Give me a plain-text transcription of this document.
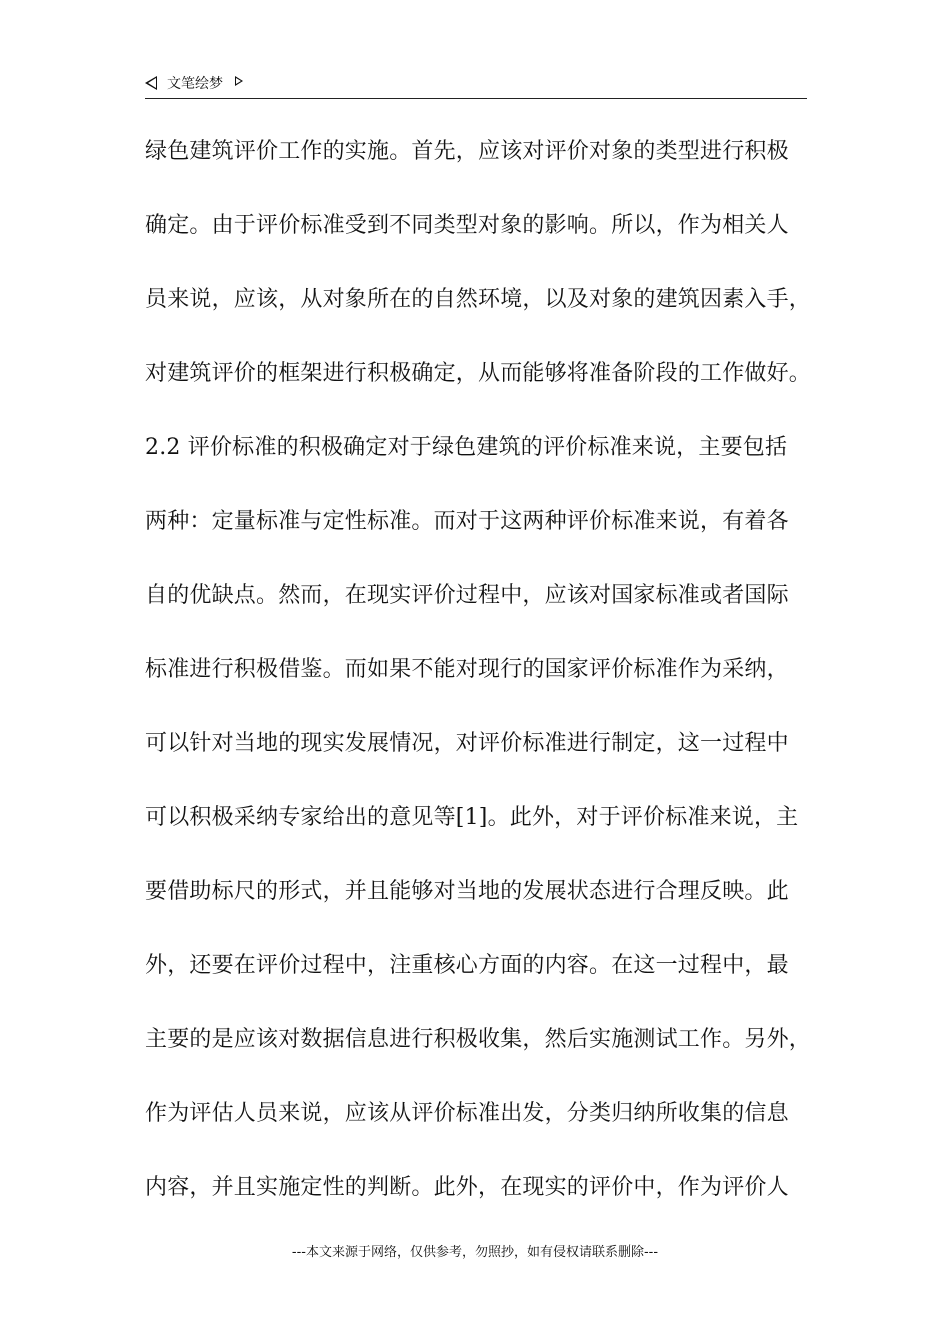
文笔绘梦
绿色建筑评价工作的实施。首先，应该对评价对象的类型进行积极
确定。由于评价标准受到不同类型对象的影响。所以，作为相关人
员来说，应该，从对象所在的自然环境，以及对象的建筑因素入手，
对建筑评价的框架进行积极确定，从而能够将准备阶段的工作做好。
2.2 评价标准的积极确定对于绿色建筑的评价标准来说，主要包括
两种：定量标准与定性标准。而对于这两种评价标准来说，有着各
自的优缺点。然而，在现实评价过程中，应该对国家标准或者国际
标准进行积极借鉴。而如果不能对现行的国家评价标准作为采纳，
可以针对当地的现实发展情况，对评价标准进行制定，这一过程中
可以积极采纳专家给出的意见等[1]。此外，对于评价标准来说，主
要借助标尺的形式，并且能够对当地的发展状态进行合理反映。此
外，还要在评价过程中，注重核心方面的内容。在这一过程中，最
主要的是应该对数据信息进行积极收集，然后实施测试工作。另外，
作为评估人员来说，应该从评价标准出发，分类归纳所收集的信息
内容，并且实施定性的判断。此外，在现实的评价中，作为评价人
---本文来源于网络，仅供参考，勿照抄，如有侵权请联系删除---
